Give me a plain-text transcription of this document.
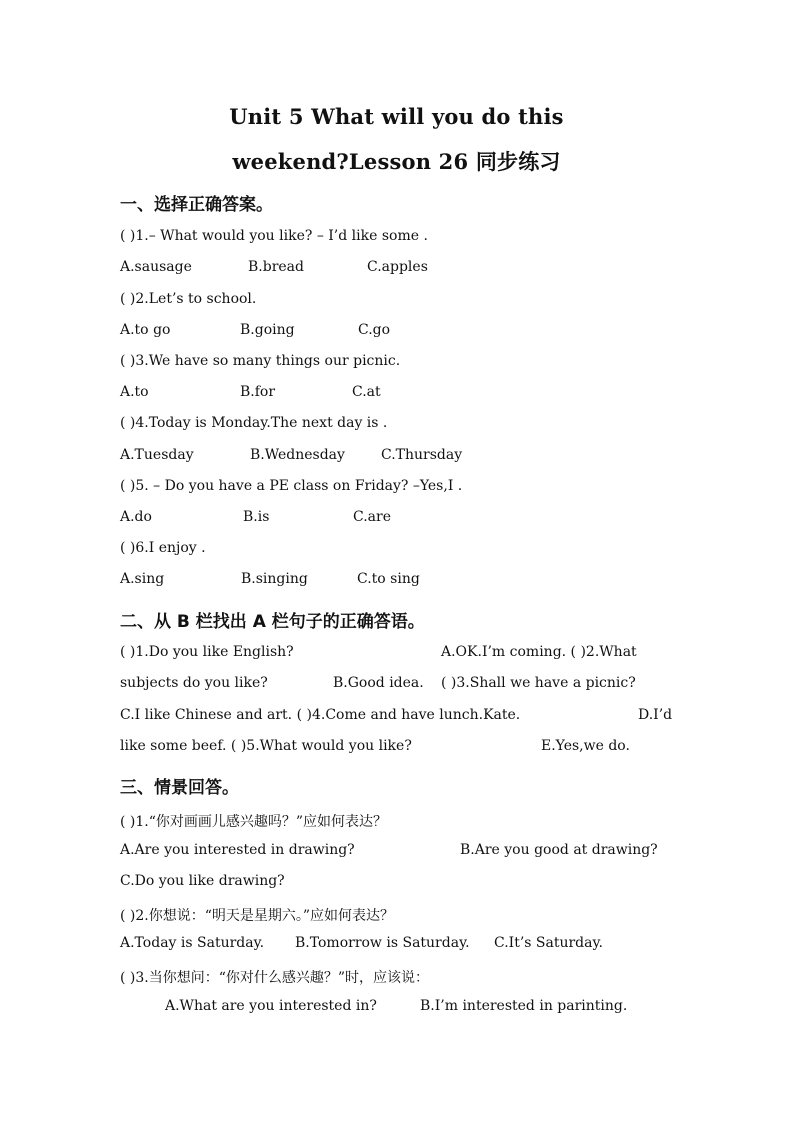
Unit 5 What will you do this
weekend?Lesson 26 同步练习
一、选择正确答案。
( )1.– What would you like? – I’d like some .
A.sausage	B.bread	C.apples
( )2.Let’s to school.
A.to go	B.going	C.go
( )3.We have so many things our picnic.
A.to	B.for	C.at
( )4.Today is Monday.The next day is .
A.Tuesday	B.Wednesday	C.Thursday
( )5. – Do you have a PE class on Friday? –Yes,I .
A.do	B.is	C.are
( )6.I enjoy .
A.sing	B.singing	C.to sing
二、从 B 栏找出 A 栏句子的正确答语。
( )1.Do you like English?	A.OK.I’m coming. ( )2.What
subjects do you like?	B.Good idea. ( )3.Shall we have a picnic?
C.I like Chinese and art. ( )4.Come and have lunch.Kate.	D.I’d
like some beef. ( )5.What would you like?	E.Yes,we do.
三、情景回答。
( )1.“你对画画儿感兴趣吗？”应如何表达？
A.Are you interested in drawing?	B.Are you good at drawing?
C.Do you like drawing?
( )2.你想说：“明天是星期六。”应如何表达？
A.Today is Saturday. B.Tomorrow is Saturday. C.It’s Saturday.
( )3.当你想问：“你对什么感兴趣？”时，应该说：
A.What are you interested in?	B.I’m interested in parinting.
